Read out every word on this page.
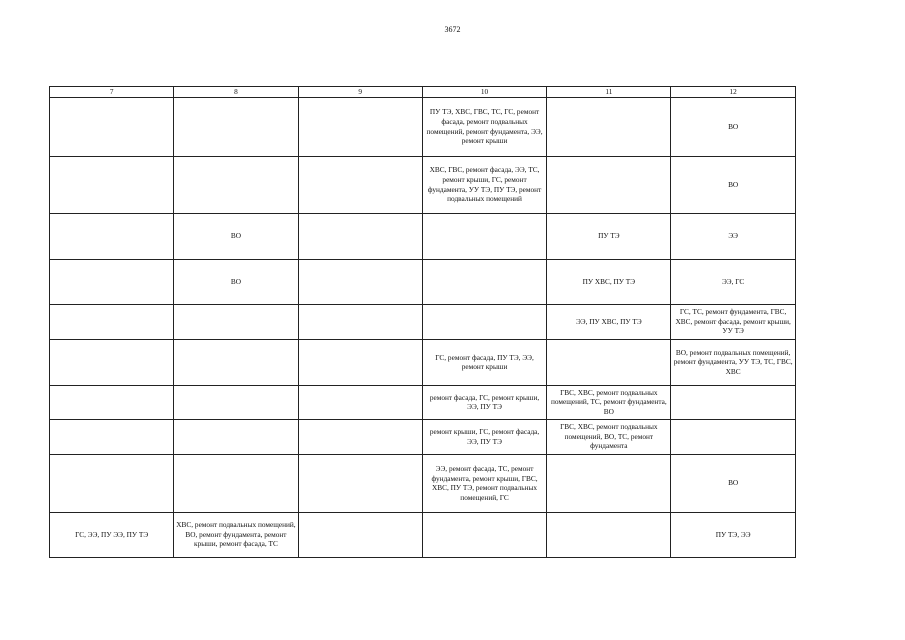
3672
7	8	9	10	11	12
			ПУ ТЭ, ХВС, ГВС, ТС, ГС, ремонт фасада, ремонт подвальных помещений, ремонт фундамента, ЭЭ, ремонт крыши		ВО
			ХВС, ГВС, ремонт фасада, ЭЭ, ТС, ремонт крыши, ГС, ремонт фундамента, УУ ТЭ, ПУ ТЭ, ремонт подвальных помещений		ВО
	ВО			ПУ ТЭ	ЭЭ
	ВО			ПУ ХВС, ПУ ТЭ	ЭЭ, ГС
				ЭЭ, ПУ ХВС, ПУ ТЭ	ГС, ТС, ремонт фундамента, ГВС, ХВС, ремонт фасада, ремонт крыши, УУ ТЭ
			ГС, ремонт фасада, ПУ ТЭ, ЭЭ, ремонт крыши		ВО, ремонт подвальных помещений, ремонт фундамента, УУ ТЭ, ТС, ГВС, ХВС
			ремонт фасада, ГС, ремонт крыши, ЭЭ, ПУ ТЭ	ГВС, ХВС, ремонт подвальных помещений, ТС, ремонт фундамента, ВО	
			ремонт крыши, ГС, ремонт фасада, ЭЭ, ПУ ТЭ	ГВС, ХВС, ремонт подвальных помещений, ВО, ТС, ремонт фундамента	
			ЭЭ, ремонт фасада, ТС, ремонт фундамента, ремонт крыши, ГВС, ХВС, ПУ ТЭ, ремонт подвальных помещений, ГС		ВО
ГС, ЭЭ, ПУ ЭЭ, ПУ ТЭ	ХВС, ремонт подвальных помещений, ВО, ремонт фундамента, ремонт крыши, ремонт фасада, ТС				ПУ ТЭ, ЭЭ
